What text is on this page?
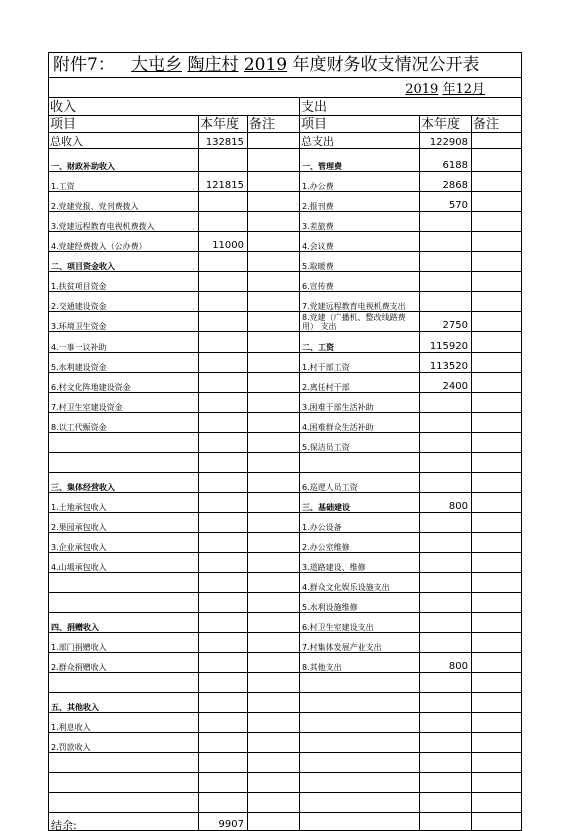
附件7： 大屯乡 陶庄村 2019 年度财务收支情况公开表					
2019 年12月					
收入			支出		
项目	本年度	备注	项目	本年度	备注
总收入	132815		总支出	122908	
一、财政补助收入			一、管理费	6188	
1.工资	121815		1.办公费	2868	
2.党建党报、党刊费拨入			2.报刊费	570	
3.党建远程教育电视机费拨入			3.差旅费		
4.党建经费拨入（公办费）	11000		4.会议费		
二、项目资金收入			5.取暖费		
1.扶贫项目资金			6.宣传费		
2.交通建设资金			7.党建远程教育电视机费支出		
3.环境卫生资金			8.党建（广播机、整改线路费用） 支出	2750	
4.一事一议补助			二、工资	115920	
5.水利建设资金			1.村干部工资	113520	
6.村文化阵地建设资金			2.离任村干部	2400	
7.村卫生室建设资金			3.困难干部生活补助		
8.以工代赈资金			4.困难群众生活补助		
			5.保洁员工资		

三、集体经营收入			6.巡逻人员工资		
1.土地承包收入			三、基础建设	800	
2.果园承包收入			1.办公设备		
3.企业承包收入			2.办公室维修		
4.山場承包收入			3.道路建设、维修		
			4.群众文化娱乐设施支出		
			5.水利设施维修		
四、捐赠收入			6.村卫生室建设支出		
1.部门捐赠收入			7.村集体发展产业支出		
2.群众捐赠收入			8.其他支出	800	

五、其他收入					
1.利息收入					
2.罚款收入					

结余:	9907				
